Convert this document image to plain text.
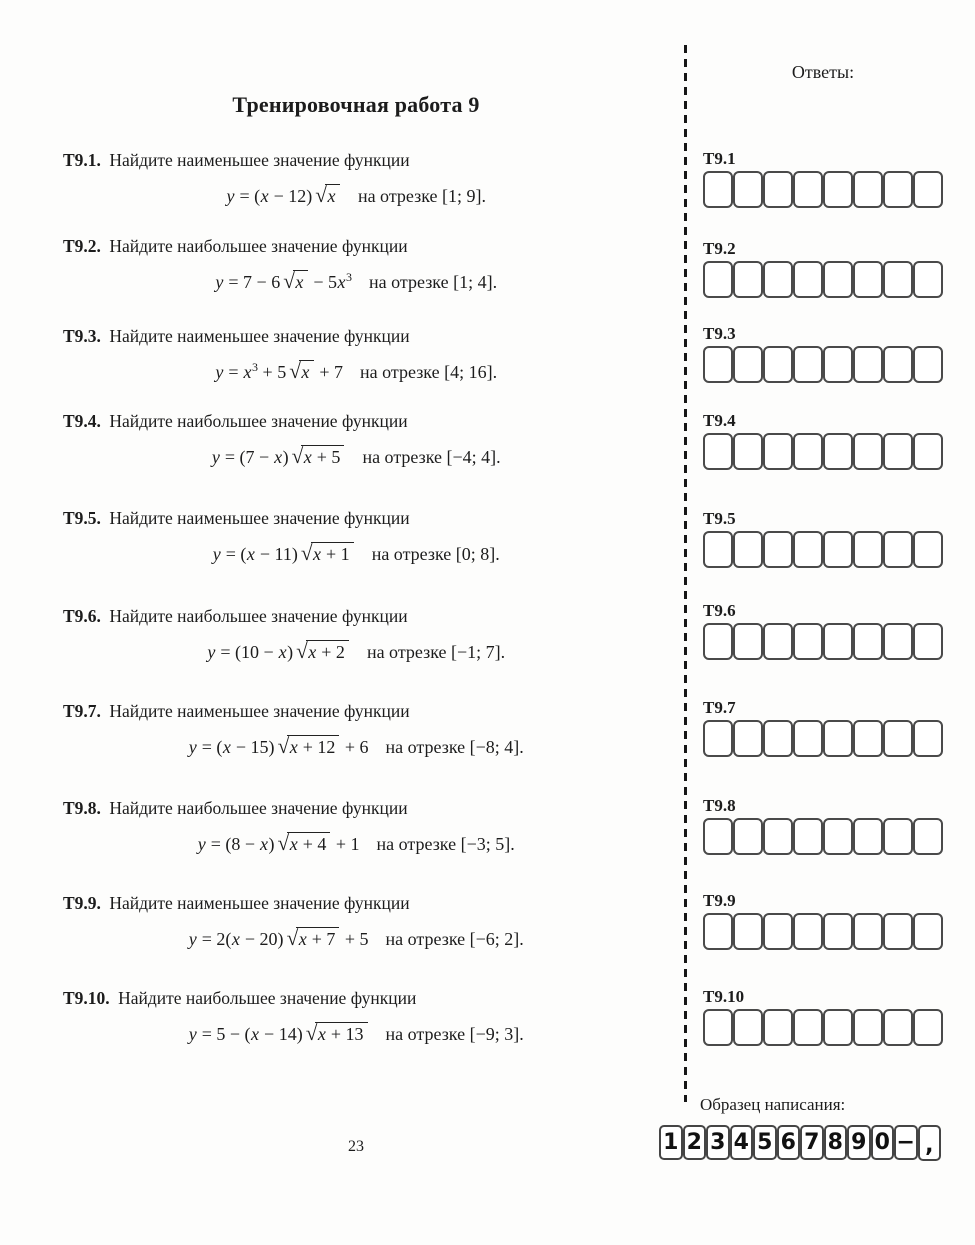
Тренировочная работа 9
Т9.1. Найдите наименьшее значение функции
y = (x − 12) √x на отрезке [1; 9].
Т9.2. Найдите наибольшее значение функции
y = 7 − 6 $√x - 5x^3$ на отрезке [1; 4].
Т9.3. Найдите наименьшее значение функции
$y = x^3 + 5$ √x + 7 на отрезке [4; 16].
Т9.4. Найдите наибольшее значение функции
y = (7 − x) √x + 5 на отрезке [−4; 4].
Т9.5. Найдите наименьшее значение функции
y = (x − 11) √x + 1 на отрезке [0; 8].
Т9.6. Найдите наибольшее значение функции
y = (10 − x) √x + 2 на отрезке [−1; 7].
Т9.7. Найдите наименьшее значение функции
y = (x − 15) √x + 12 + 6 на отрезке [−8; 4].
Т9.8. Найдите наибольшее значение функции
y = (8 − x) √x + 4 + 1 на отрезке [−3; 5].
Т9.9. Найдите наименьшее значение функции
y = 2(x − 20) √x + 7 + 5 на отрезке [−6; 2].
Т9.10. Найдите наибольшее значение функции
y = 5 − (x − 14) √x + 13 на отрезке [−9; 3].
Ответы:
Т9.1
Т9.2
Т9.3
Т9.4
Т9.5
Т9.6
Т9.7
Т9.8
Т9.9
Т9.10
Образец написания:
1 2 3 4 5 6 7 8 9 0 − ,
23
